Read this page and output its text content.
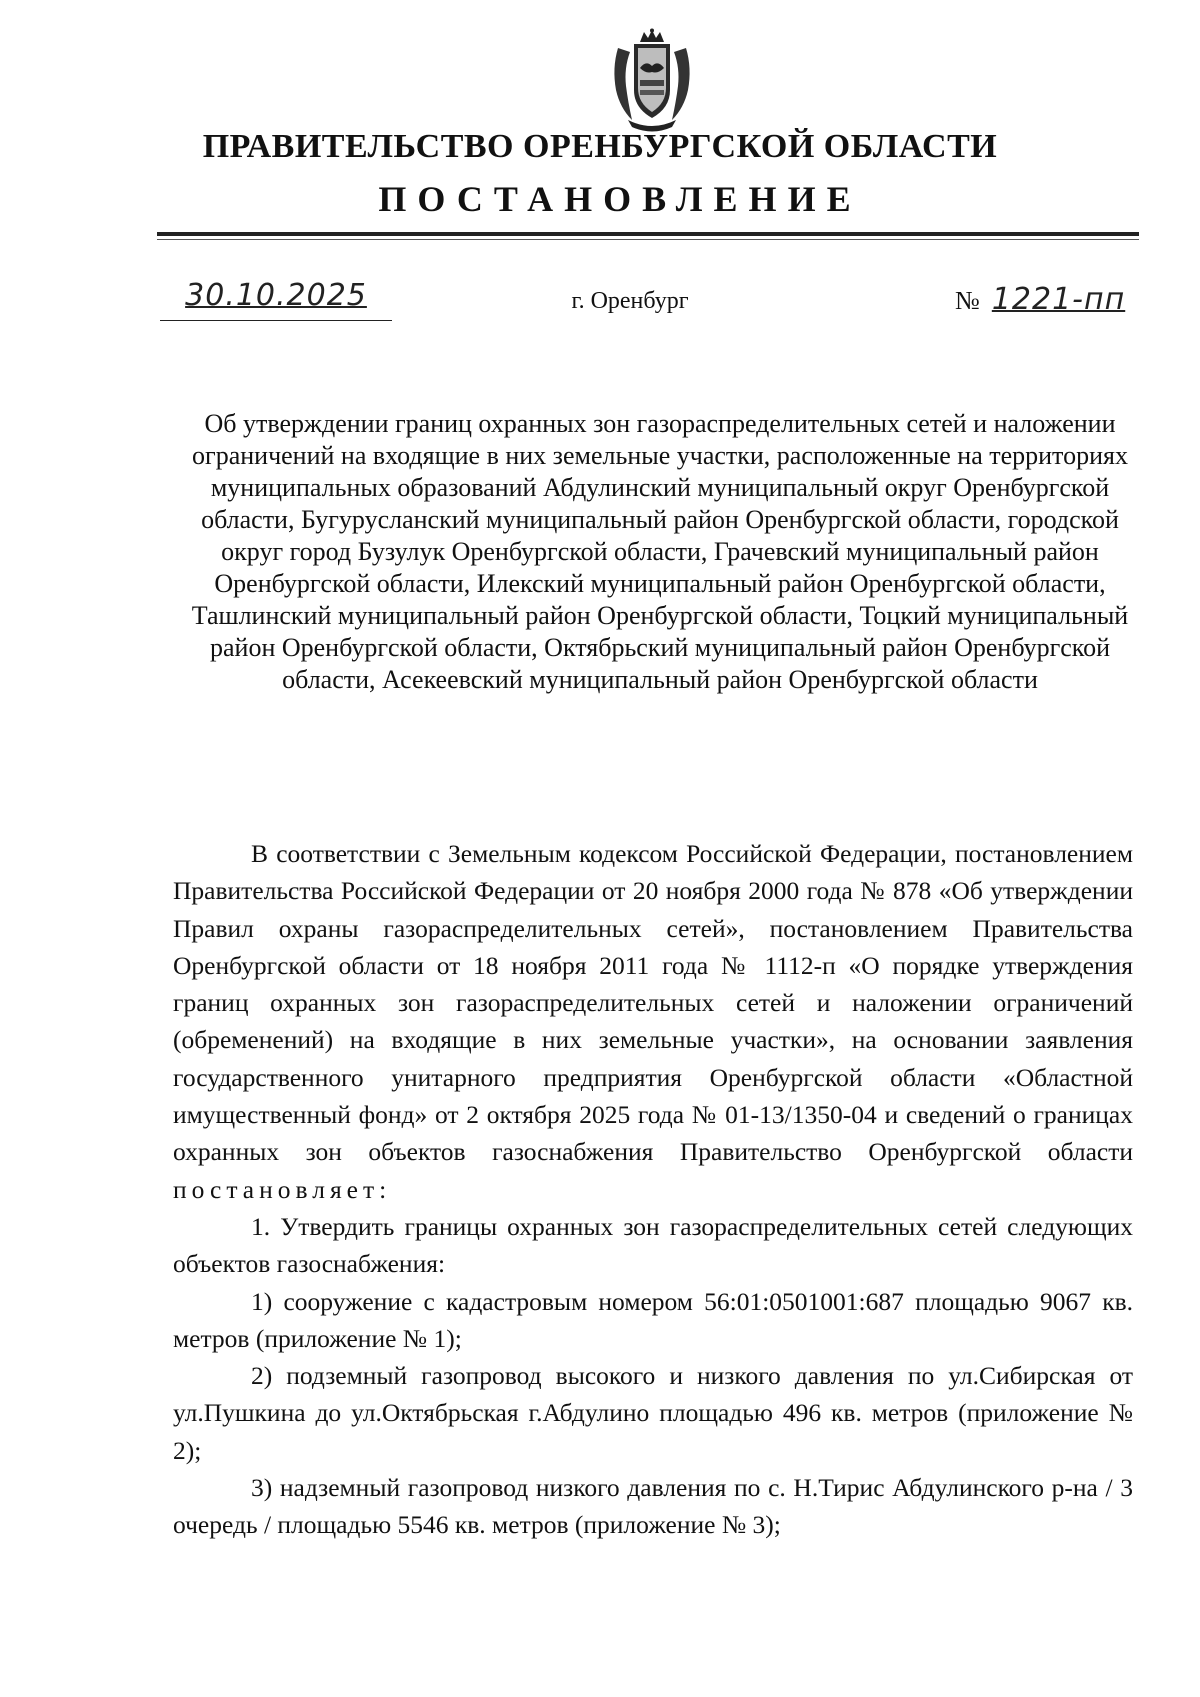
ПРАВИТЕЛЬСТВО ОРЕНБУРГСКОЙ ОБЛАСТИ
ПОСТАНОВЛЕНИЕ
30.10.2025	г. Оренбург	№ 1221-пп

Об утверждении границ охранных зон газораспределительных сетей и наложении ограничений на входящие в них земельные участки, расположенные на территориях муниципальных образований Абдулинский муниципальный округ Оренбургской области, Бугурусланский муниципальный район Оренбургской области, городской округ город Бузулук Оренбургской области, Грачевский муниципальный район Оренбургской области, Илекский муниципальный район Оренбургской области, Ташлинский муниципальный район Оренбургской области, Тоцкий муниципальный район Оренбургской области, Октябрьский муниципальный район Оренбургской области, Асекеевский муниципальный район Оренбургской области

В соответствии с Земельным кодексом Российской Федерации, постановлением Правительства Российской Федерации от 20 ноября 2000 года № 878 «Об утверждении Правил охраны газораспределительных сетей», постановлением Правительства Оренбургской области от 18 ноября 2011 года № 1112-п «О порядке утверждения границ охранных зон газораспределительных сетей и наложении ограничений (обременений) на входящие в них земельные участки», на основании заявления государственного унитарного предприятия Оренбургской области «Областной имущественный фонд» от 2 октября 2025 года № 01-13/1350-04 и сведений о границах охранных зон объектов газоснабжения Правительство Оренбургской области постановляет:

1. Утвердить границы охранных зон газораспределительных сетей следующих объектов газоснабжения:

1) сооружение с кадастровым номером 56:01:0501001:687 площадью 9067 кв. метров (приложение № 1);

2) подземный газопровод высокого и низкого давления по ул.Сибирская от ул.Пушкина до ул.Октябрьская г.Абдулино площадью 496 кв. метров (приложение № 2);

3) надземный газопровод низкого давления по с. Н.Тирис Абдулинского р-на / 3 очередь / площадью 5546 кв. метров (приложение № 3);
